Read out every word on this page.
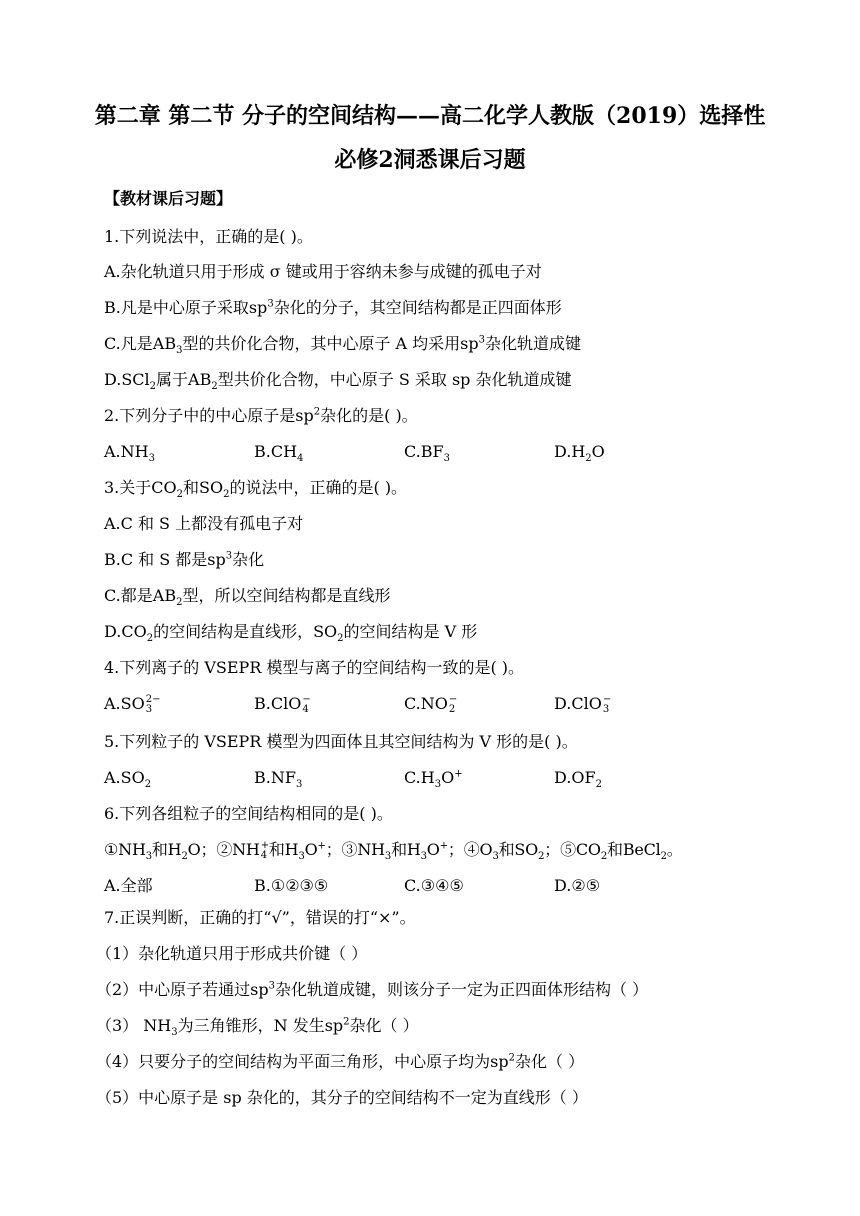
第二章 第二节 分子的空间结构——高二化学人教版（2019）选择性
必修2洞悉课后习题
【教材课后习题】
1.下列说法中，正确的是( )。
A.杂化轨道只用于形成 σ 键或用于容纳未参与成键的孤电子对
B.凡是中心原子采取$sp^3$杂化的分子，其空间结构都是正四面体形
C.凡是$AB_3$型的共价化合物，其中心原子 A 均采用$sp^3$杂化轨道成键
D.SCl$_2$属于$AB_2$型共价化合物，中心原子 S 采取 sp 杂化轨道成键
2.下列分子中的中心原子是$sp^2$杂化的是( )。
$A.NH_3$	$B.CH_4$	$C.BF_3$	$D.H_2O$
3.关于$CO_2$和$SO_2$的说法中，正确的是( )。
A.C 和 S 上都没有孤电子对
B.C 和 S 都是$sp^3$杂化
C.都是$AB_2$型，所以空间结构都是直线形
$D.CO_2$的空间结构是直线形，$SO_2$的空间结构是 V 形
4.下列离子的 VSEPR 模型与离子的空间结构一致的是( )。
A.SO 2−
3	B.ClO −
4	C.NO −
2	D.ClO −
3
5.下列粒子的 VSEPR 模型为四面体且其空间结构为 V 形的是( )。
$A.SO_2$	$B.NF_3$	$C.H_3O^+$	$D.OF_2$
6.下列各组粒子的空间结构相同的是( )。
$①NH_3$和$H_2O$；②NH +
4 和$H_3O^+$；$③NH_3$和$H_3O^+$；$④O_3$和$SO_2$；$⑤CO_2$和BeCl$_2$。
A.全部	B.①②③⑤	C.③④⑤	D.②⑤
7.正误判断，正确的打“√”，错误的打“×”。
（1）杂化轨道只用于形成共价键（ ）
（2）中心原子若通过$sp^3$杂化轨道成键，则该分子一定为正四面体形结构（ ）
（3） $NH_3$为三角锥形，N 发生$sp^2$杂化（ ）
（4）只要分子的空间结构为平面三角形，中心原子均为$sp^2$杂化（ ）
（5）中心原子是 sp 杂化的，其分子的空间结构不一定为直线形（ ）
